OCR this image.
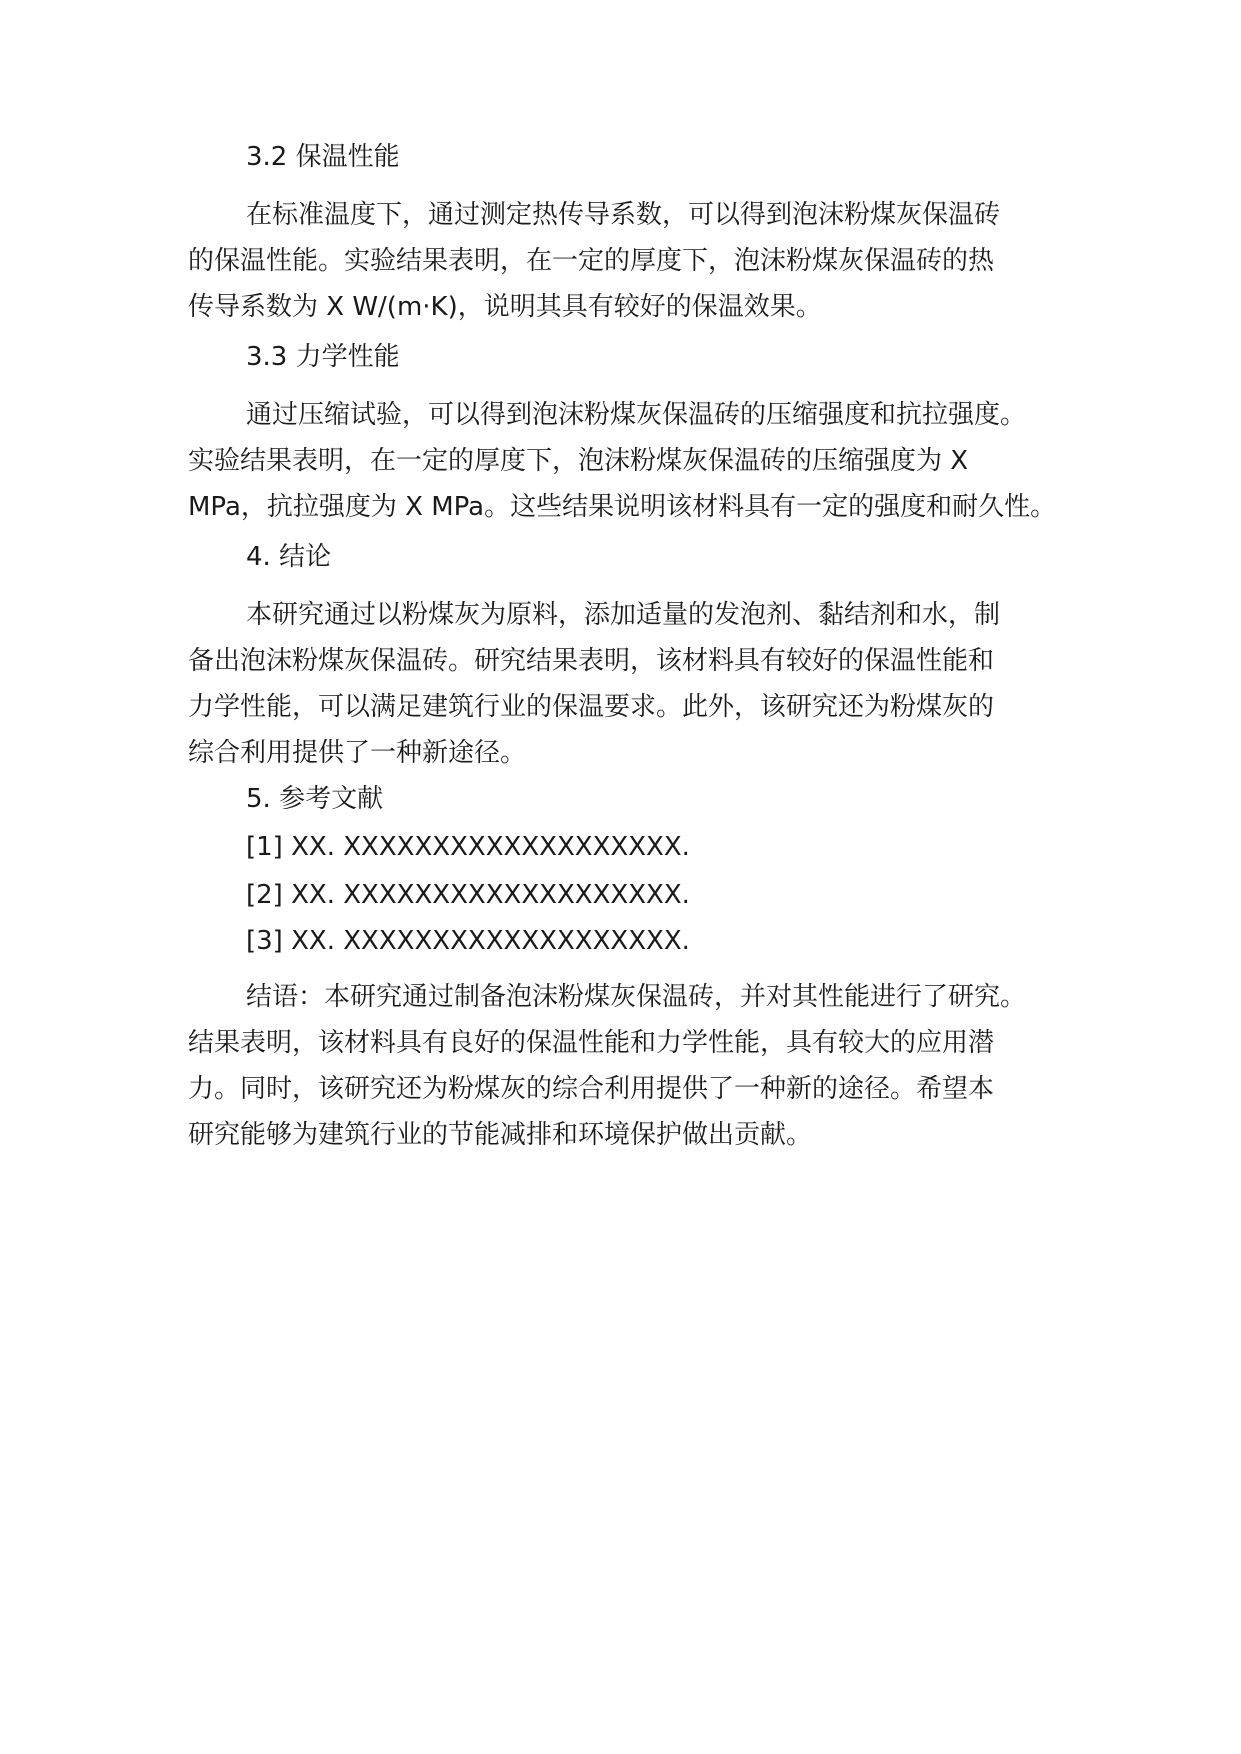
3.2 保温性能

在标准温度下，通过测定热传导系数，可以得到泡沫粉煤灰保温砖
的保温性能。实验结果表明，在一定的厚度下，泡沫粉煤灰保温砖的热
传导系数为 X W/(m·K)，说明其具有较好的保温效果。

3.3 力学性能

通过压缩试验，可以得到泡沫粉煤灰保温砖的压缩强度和抗拉强度。
实验结果表明，在一定的厚度下，泡沫粉煤灰保温砖的压缩强度为 X
MPa，抗拉强度为 X MPa。这些结果说明该材料具有一定的强度和耐久性。

4. 结论

本研究通过以粉煤灰为原料，添加适量的发泡剂、黏结剂和水，制
备出泡沫粉煤灰保温砖。研究结果表明，该材料具有较好的保温性能和
力学性能，可以满足建筑行业的保温要求。此外，该研究还为粉煤灰的
综合利用提供了一种新途径。

5. 参考文献

[1] XX. XXXXXXXXXXXXXXXXXXX.

[2] XX. XXXXXXXXXXXXXXXXXXX.

[3] XX. XXXXXXXXXXXXXXXXXXX.

结语：本研究通过制备泡沫粉煤灰保温砖，并对其性能进行了研究。
结果表明，该材料具有良好的保温性能和力学性能，具有较大的应用潜
力。同时，该研究还为粉煤灰的综合利用提供了一种新的途径。希望本
研究能够为建筑行业的节能减排和环境保护做出贡献。
